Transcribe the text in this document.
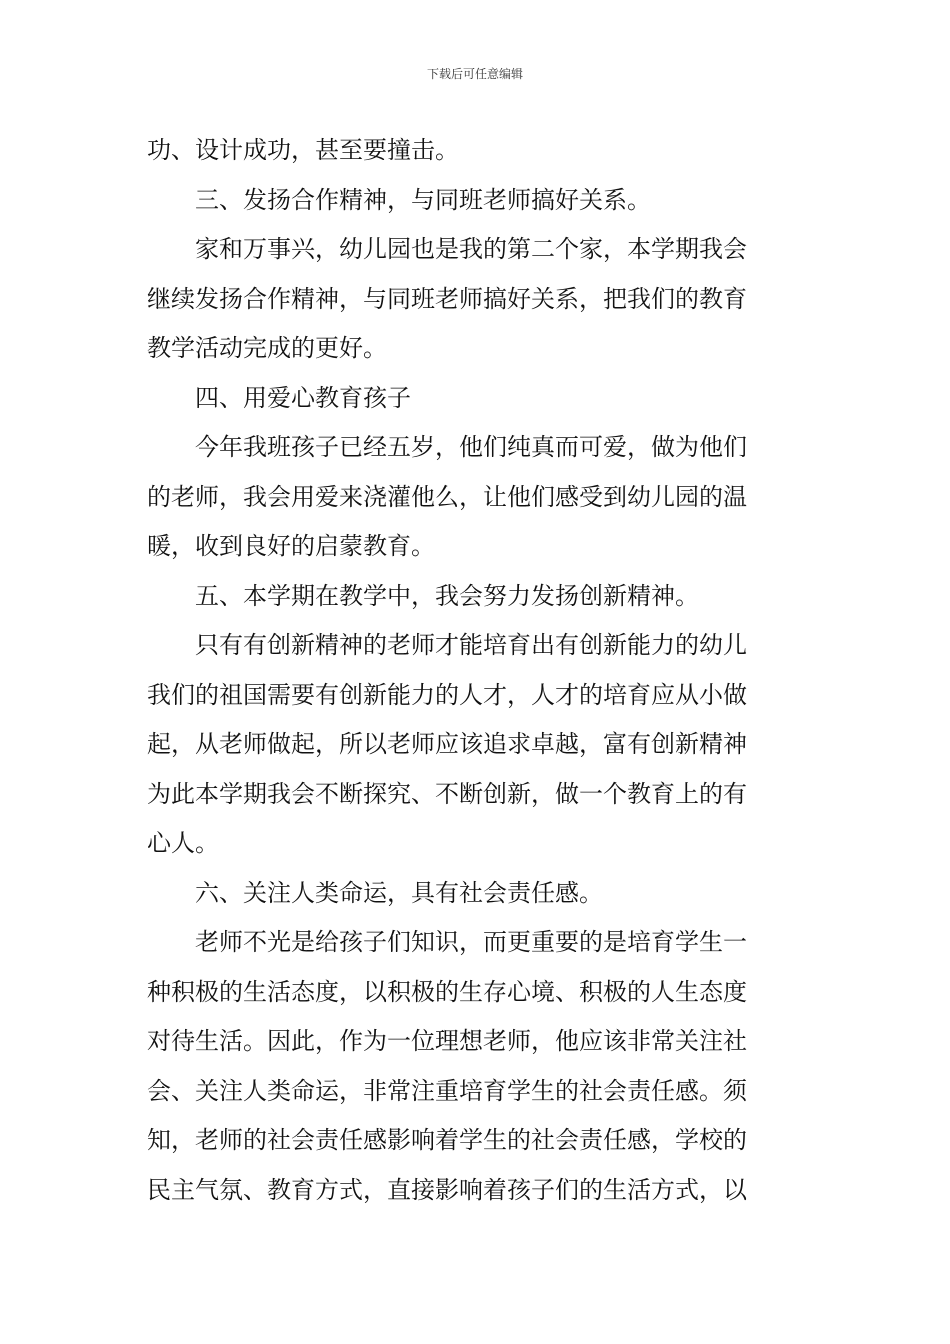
下载后可任意编辑
功、设计成功，甚至要撞击。
三、发扬合作精神，与同班老师搞好关系。
家和万事兴，幼儿园也是我的第二个家，本学期我会
继续发扬合作精神，与同班老师搞好关系，把我们的教育
教学活动完成的更好。
四、用爱心教育孩子
今年我班孩子已经五岁，他们纯真而可爱，做为他们
的老师，我会用爱来浇灌他么，让他们感受到幼儿园的温
暖，收到良好的启蒙教育。
五、本学期在教学中，我会努力发扬创新精神。
只有有创新精神的老师才能培育出有创新能力的幼儿
我们的祖国需要有创新能力的人才，人才的培育应从小做
起，从老师做起，所以老师应该追求卓越，富有创新精神
为此本学期我会不断探究、不断创新，做一个教育上的有
心人。
六、关注人类命运，具有社会责任感。
老师不光是给孩子们知识，而更重要的是培育学生一
种积极的生活态度，以积极的生存心境、积极的人生态度
对待生活。因此，作为一位理想老师，他应该非常关注社
会、关注人类命运，非常注重培育学生的社会责任感。须
知，老师的社会责任感影响着学生的社会责任感，学校的
民主气氛、教育方式，直接影响着孩子们的生活方式，以
